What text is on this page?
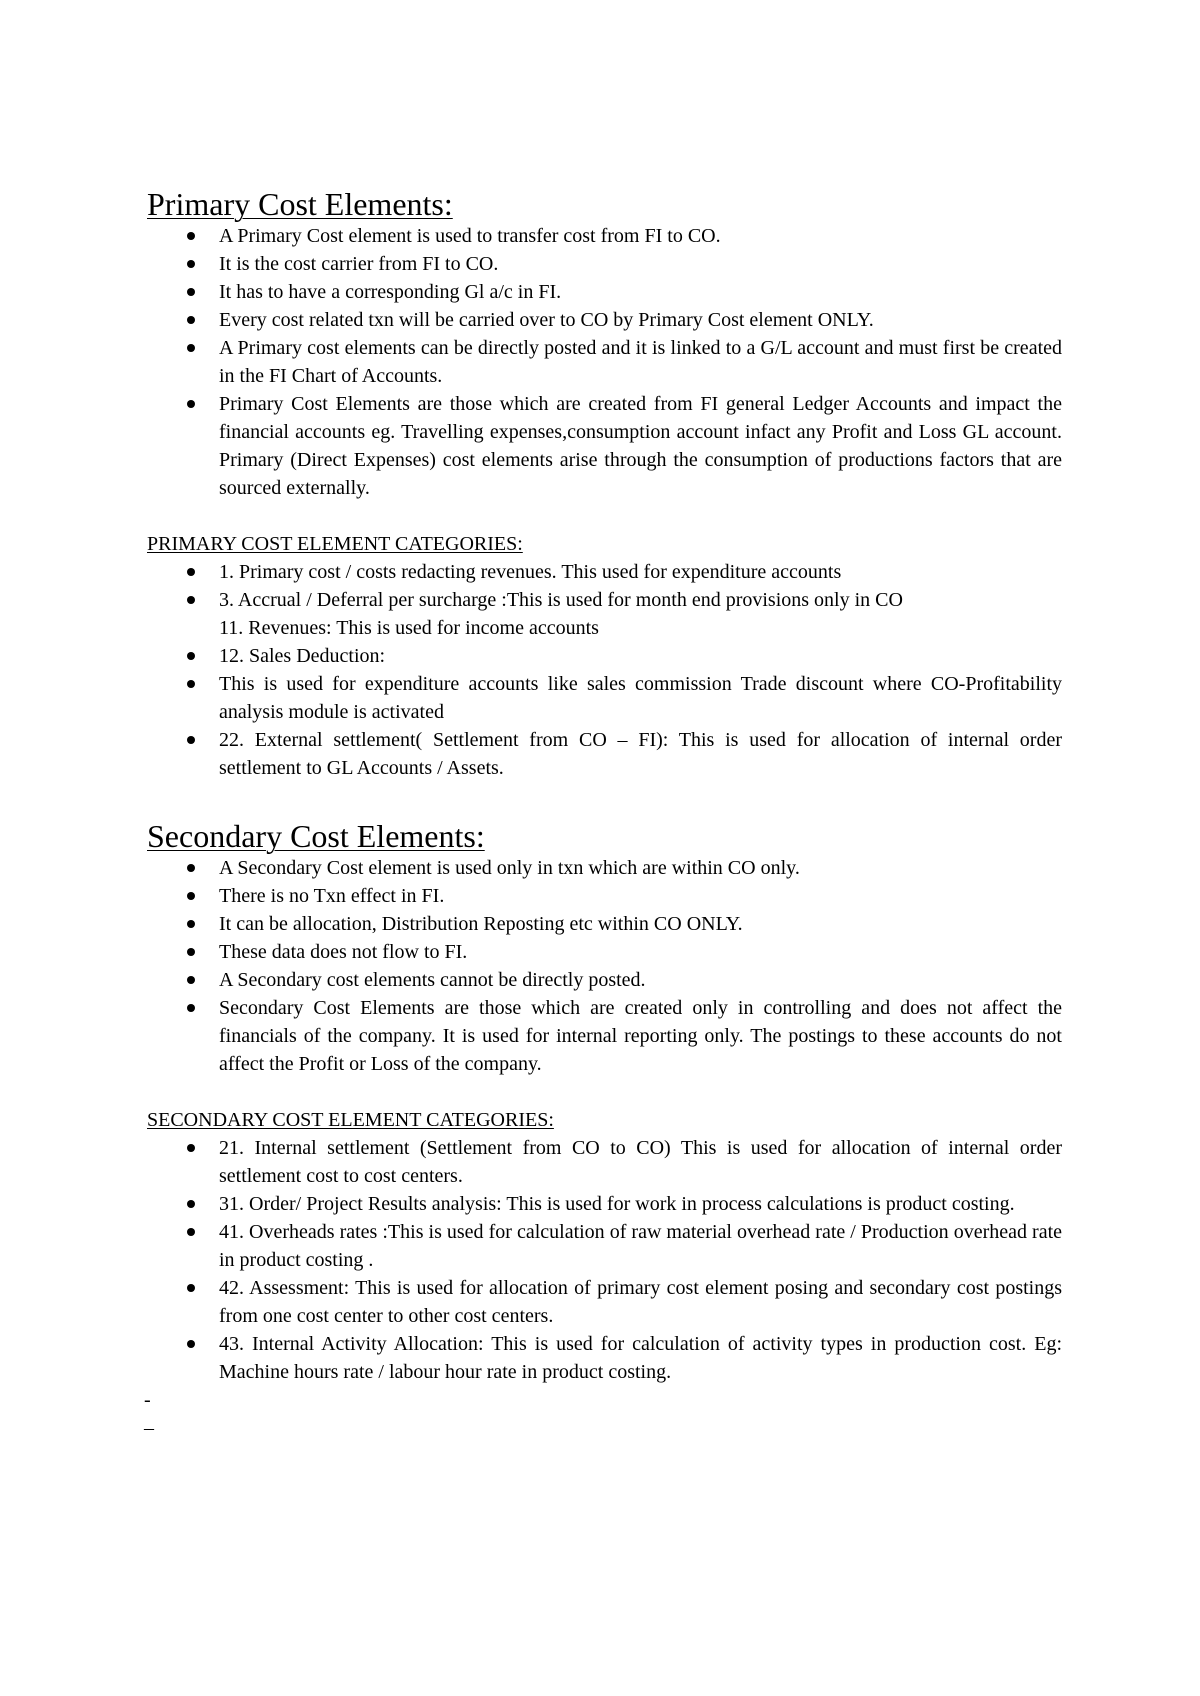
Primary Cost Elements:
A Primary Cost element is used to transfer cost from FI to CO.
It is the cost carrier from FI to CO.
It has to have a corresponding Gl a/c in FI.
Every cost related txn will be carried over to CO by Primary Cost element ONLY.
A Primary cost elements can be directly posted and it is linked to a G/L account and must first be created in the FI Chart of Accounts.
Primary Cost Elements are those which are created from FI general Ledger Accounts and impact the financial accounts eg. Travelling expenses,consumption account infact any Profit and Loss GL account. Primary (Direct Expenses) cost elements arise through the consumption of productions factors that are sourced externally.
PRIMARY COST ELEMENT CATEGORIES:
1. Primary cost / costs redacting revenues. This used for expenditure accounts
3. Accrual / Deferral per surcharge :This is used for month end provisions only in CO
11. Revenues: This is used for income accounts
12. Sales Deduction:
This is used for expenditure accounts like sales commission Trade discount where CO-Profitability analysis module is activated
22. External settlement( Settlement from CO – FI): This is used for allocation of internal order settlement to GL Accounts / Assets.
Secondary Cost Elements:
A Secondary Cost element is used only in txn which are within CO only.
There is no Txn effect in FI.
It can be allocation, Distribution Reposting etc within CO ONLY.
These data does not flow to FI.
A Secondary cost elements cannot be directly posted.
Secondary Cost Elements are those which are created only in controlling and does not affect the financials of the company. It is used for internal reporting only. The postings to these accounts do not affect the Profit or Loss of the company.
SECONDARY COST ELEMENT CATEGORIES:
21. Internal settlement (Settlement from CO to CO) This is used for allocation of internal order settlement cost to cost centers.
31. Order/ Project Results analysis: This is used for work in process calculations is product costing.
41. Overheads rates :This is used for calculation of raw material overhead rate / Production overhead rate in product costing .
42. Assessment: This is used for allocation of primary cost element posing and secondary cost postings from one cost center to other cost centers.
43. Internal Activity Allocation: This is used for calculation of activity types in production cost. Eg: Machine hours rate / labour hour rate in product costing.
-
–
